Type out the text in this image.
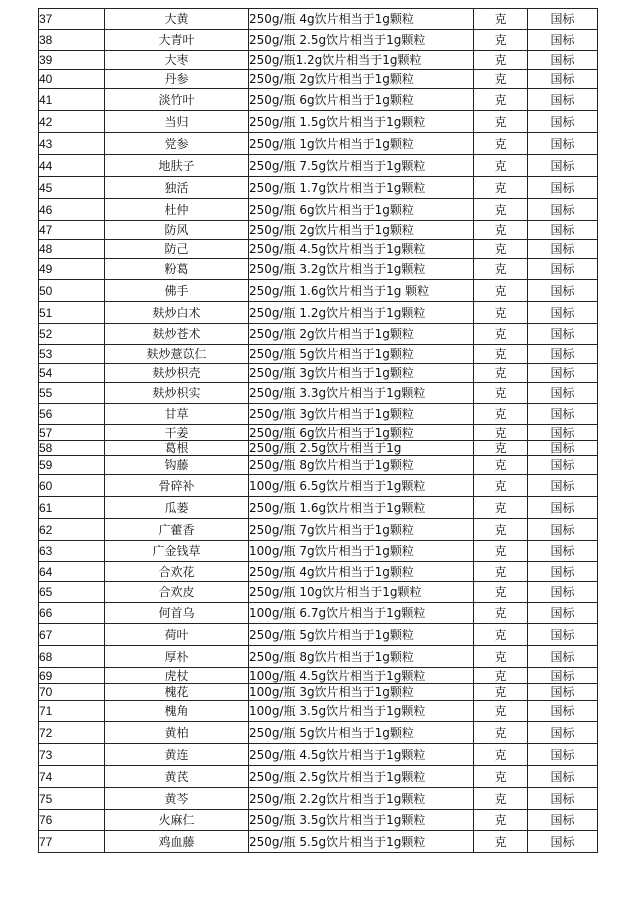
37	大黄	250g/瓶 4g饮片相当于1g颗粒	克	国标
38	大青叶	250g/瓶 2.5g饮片相当于1g颗粒	克	国标
39	大枣	250g/瓶1.2g饮片相当于1g颗粒	克	国标
40	丹参	250g/瓶 2g饮片相当于1g颗粒	克	国标
41	淡竹叶	250g/瓶 6g饮片相当于1g颗粒	克	国标
42	当归	250g/瓶 1.5g饮片相当于1g颗粒	克	国标
43	党参	250g/瓶 1g饮片相当于1g颗粒	克	国标
44	地肤子	250g/瓶 7.5g饮片相当于1g颗粒	克	国标
45	独活	250g/瓶 1.7g饮片相当于1g颗粒	克	国标
46	杜仲	250g/瓶 6g饮片相当于1g颗粒	克	国标
47	防风	250g/瓶 2g饮片相当于1g颗粒	克	国标
48	防己	250g/瓶 4.5g饮片相当于1g颗粒	克	国标
49	粉葛	250g/瓶 3.2g饮片相当于1g颗粒	克	国标
50	佛手	250g/瓶 1.6g饮片相当于1g 颗粒	克	国标
51	麸炒白术	250g/瓶 1.2g饮片相当于1g颗粒	克	国标
52	麸炒苍术	250g/瓶 2g饮片相当于1g颗粒	克	国标
53	麸炒薏苡仁	250g/瓶 5g饮片相当于1g颗粒	克	国标
54	麸炒枳壳	250g/瓶 3g饮片相当于1g颗粒	克	国标
55	麸炒枳实	250g/瓶 3.3g饮片相当于1g颗粒	克	国标
56	甘草	250g/瓶 3g饮片相当于1g颗粒	克	国标
57	干姜	250g/瓶 6g饮片相当于1g颗粒	克	国标
58	葛根	250g/瓶 2.5g饮片相当于1g	克	国标
59	钩藤	250g/瓶 8g饮片相当于1g颗粒	克	国标
60	骨碎补	100g/瓶 6.5g饮片相当于1g颗粒	克	国标
61	瓜蒌	250g/瓶 1.6g饮片相当于1g颗粒	克	国标
62	广藿香	250g/瓶 7g饮片相当于1g颗粒	克	国标
63	广金钱草	100g/瓶 7g饮片相当于1g颗粒	克	国标
64	合欢花	250g/瓶 4g饮片相当于1g颗粒	克	国标
65	合欢皮	250g/瓶 10g饮片相当于1g颗粒	克	国标
66	何首乌	100g/瓶 6.7g饮片相当于1g颗粒	克	国标
67	荷叶	250g/瓶 5g饮片相当于1g颗粒	克	国标
68	厚朴	250g/瓶 8g饮片相当于1g颗粒	克	国标
69	虎杖	100g/瓶 4.5g饮片相当于1g颗粒	克	国标
70	槐花	100g/瓶 3g饮片相当于1g颗粒	克	国标
71	槐角	100g/瓶 3.5g饮片相当于1g颗粒	克	国标
72	黄柏	250g/瓶 5g饮片相当于1g颗粒	克	国标
73	黄连	250g/瓶 4.5g饮片相当于1g颗粒	克	国标
74	黄芪	250g/瓶 2.5g饮片相当于1g颗粒	克	国标
75	黄芩	250g/瓶 2.2g饮片相当于1g颗粒	克	国标
76	火麻仁	250g/瓶 3.5g饮片相当于1g颗粒	克	国标
77	鸡血藤	250g/瓶 5.5g饮片相当于1g颗粒	克	国标
